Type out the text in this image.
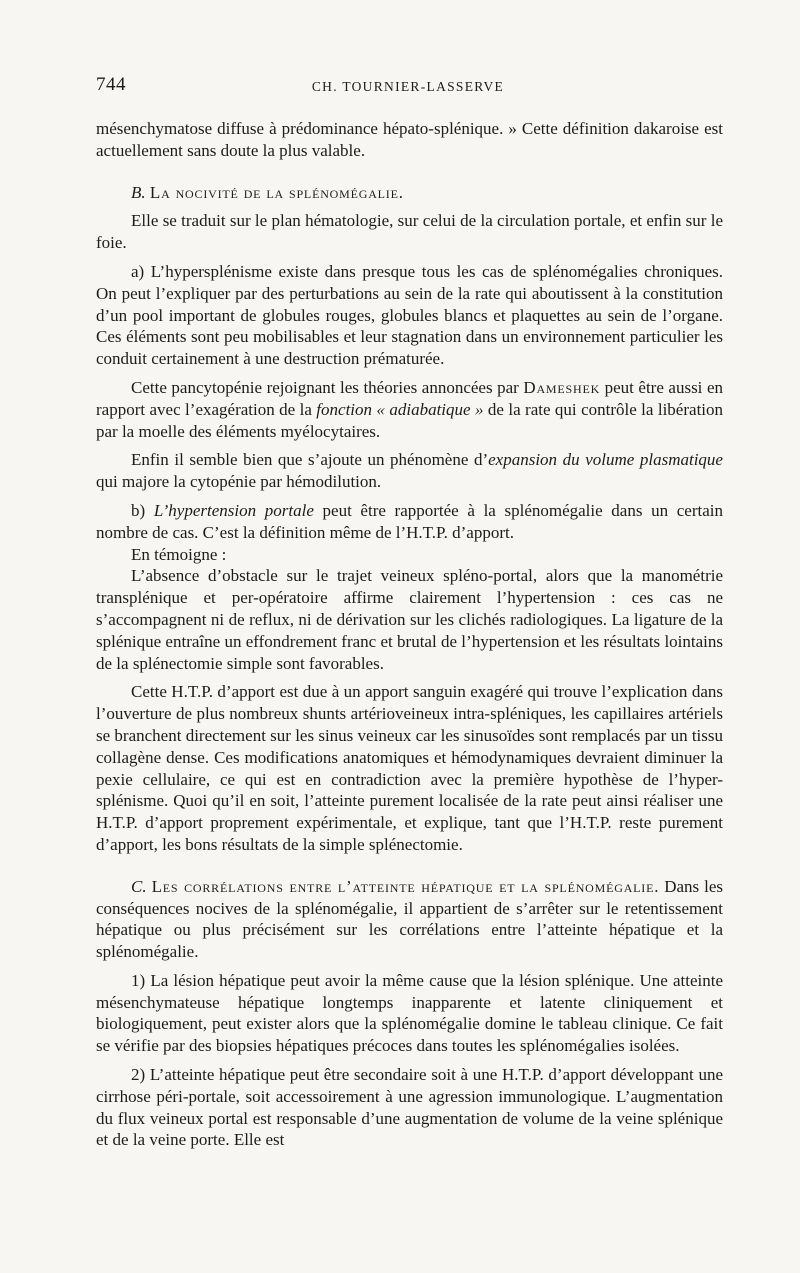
744	CH. TOURNIER-LASSERVE

mésenchymatose diffuse à prédominance hépato-splénique. » Cette définition dakaroise est actuellement sans doute la plus valable.

B. La nocivité de la splénomégalie.

Elle se traduit sur le plan hématologie, sur celui de la circulation portale, et enfin sur le foie.

a) L’hypersplénisme existe dans presque tous les cas de splénomégalies chroniques. On peut l’expliquer par des perturbations au sein de la rate qui aboutissent à la constitution d’un pool important de globules rouges, globules blancs et plaquettes au sein de l’organe. Ces éléments sont peu mobilisables et leur stagnation dans un environnement particulier les conduit certainement à une destruction prématurée.

Cette pancytopénie rejoignant les théories annoncées par Dameshek peut être aussi en rapport avec l’exagération de la fonction « adiabatique » de la rate qui contrôle la libération par la moelle des éléments myélocytaires.

Enfin il semble bien que s’ajoute un phénomène d’expansion du volume plasmatique qui majore la cytopénie par hémodilution.

b) L’hypertension portale peut être rapportée à la splénomégalie dans un certain nombre de cas. C’est la définition même de l’H.T.P. d’apport.

En témoigne :

L’absence d’obstacle sur le trajet veineux spléno-portal, alors que la manométrie transplénique et per-opératoire affirme clairement l’hypertension : ces cas ne s’accompagnent ni de reflux, ni de dérivation sur les clichés radiologiques. La ligature de la splénique entraîne un effondrement franc et brutal de l’hypertension et les résultats lointains de la splénectomie simple sont favorables.

Cette H.T.P. d’apport est due à un apport sanguin exagéré qui trouve l’explication dans l’ouverture de plus nombreux shunts artérioveineux intra-spléniques, les capillaires artériels se branchent directement sur les sinus veineux car les sinusoïdes sont remplacés par un tissu collagène dense. Ces modifications anatomiques et hémodynamiques devraient diminuer la pexie cellulaire, ce qui est en contradiction avec la première hypothèse de l’hyper-splénisme. Quoi qu’il en soit, l’atteinte purement localisée de la rate peut ainsi réaliser une H.T.P. d’apport proprement expérimentale, et explique, tant que l’H.T.P. reste purement d’apport, les bons résultats de la simple splénectomie.

C. Les corrélations entre l’atteinte hépatique et la splénomégalie. Dans les conséquences nocives de la splénomégalie, il appartient de s’arrêter sur le retentissement hépatique ou plus précisément sur les corrélations entre l’atteinte hépatique et la splénomégalie.

1) La lésion hépatique peut avoir la même cause que la lésion splénique. Une atteinte mésenchymateuse hépatique longtemps inapparente et latente cliniquement et biologiquement, peut exister alors que la splénomégalie domine le tableau clinique. Ce fait se vérifie par des biopsies hépatiques précoces dans toutes les splénomégalies isolées.

2) L’atteinte hépatique peut être secondaire soit à une H.T.P. d’apport développant une cirrhose péri-portale, soit accessoirement à une agression immunologique. L’augmentation du flux veineux portal est responsable d’une augmentation de volume de la veine splénique et de la veine porte. Elle est
